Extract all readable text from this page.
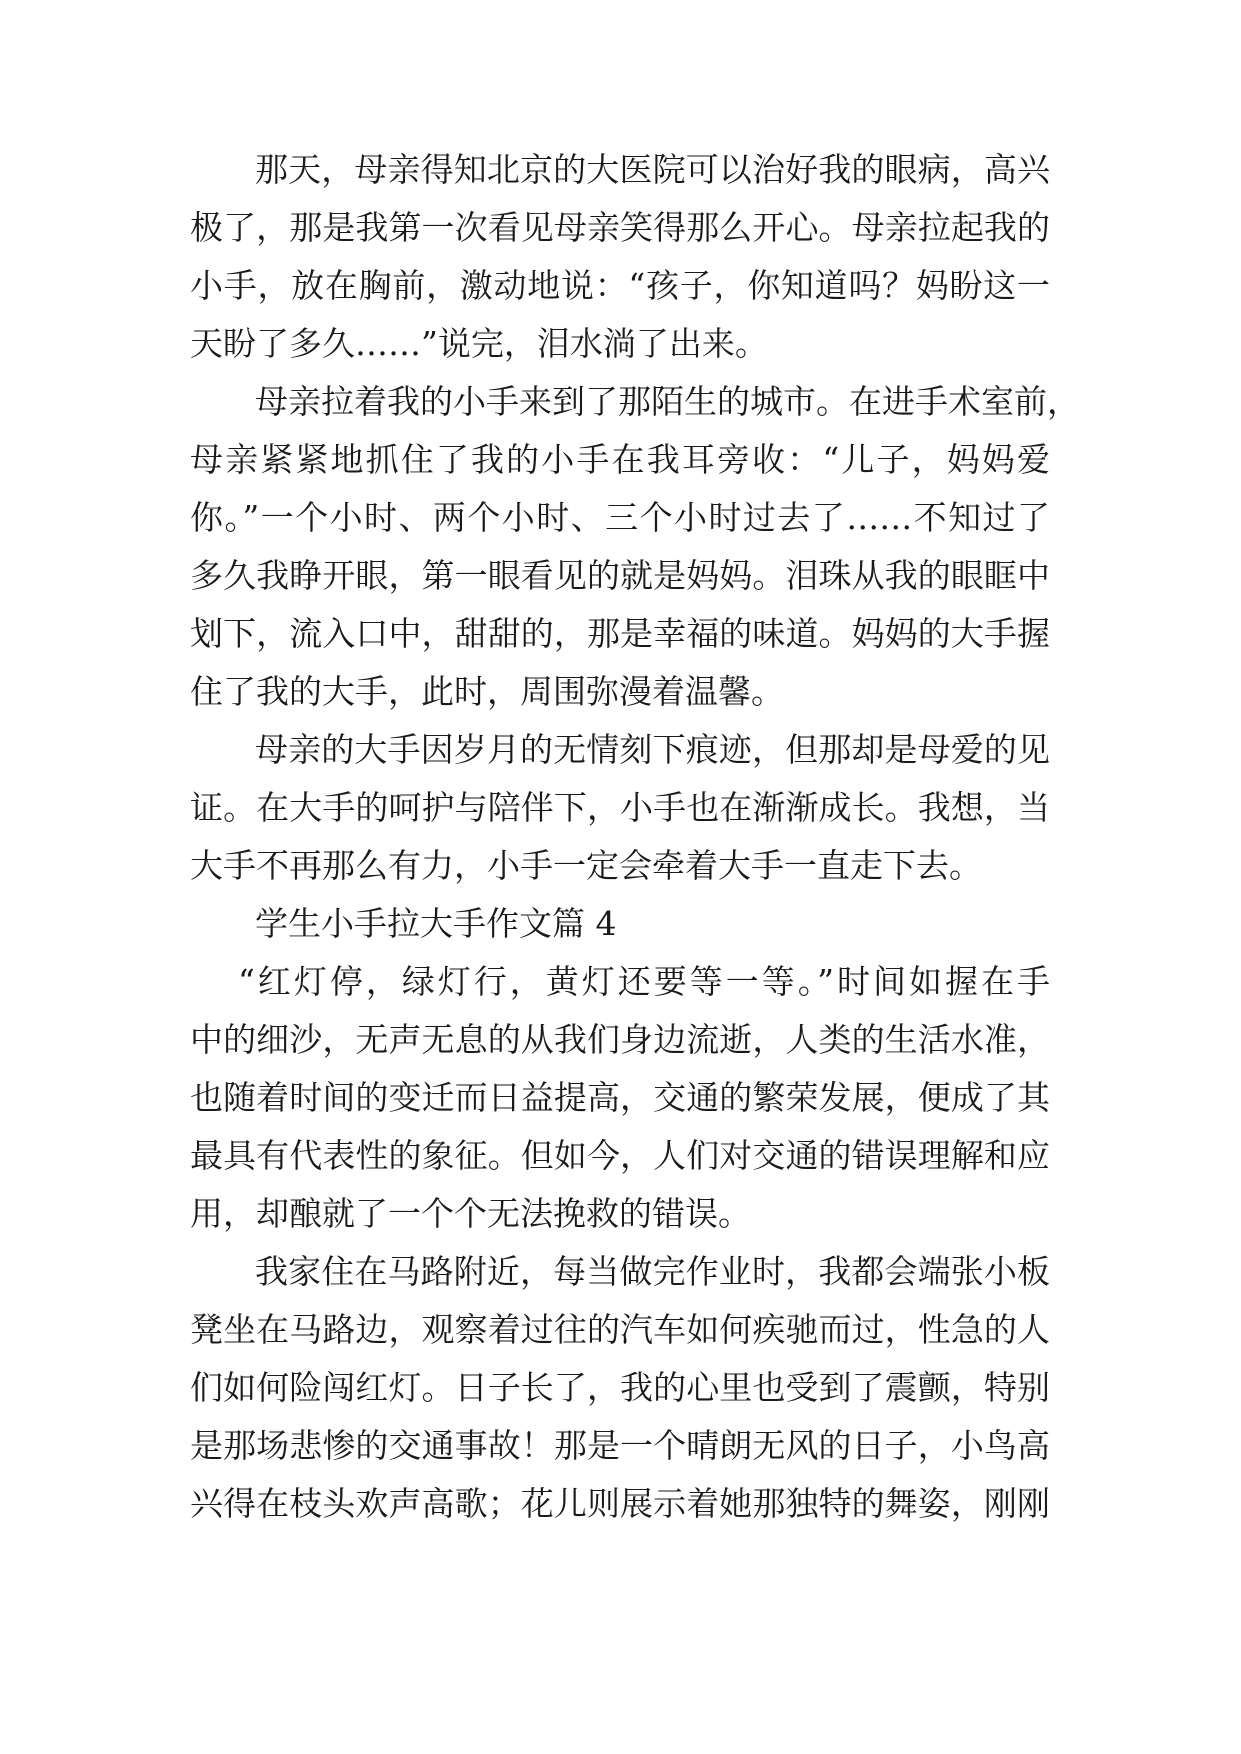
那天，母亲得知北京的大医院可以治好我的眼病，高兴
极了，那是我第一次看见母亲笑得那么开心。母亲拉起我的
小手，放在胸前，激动地说：“孩子，你知道吗？妈盼这一
天盼了多久……”说完，泪水淌了出来。
母亲拉着我的小手来到了那陌生的城市。在进手术室前，
母亲紧紧地抓住了我的小手在我耳旁收：“儿子，妈妈爱
你。”一个小时、两个小时、三个小时过去了……不知过了
多久我睁开眼，第一眼看见的就是妈妈。泪珠从我的眼眶中
划下，流入口中，甜甜的，那是幸福的味道。妈妈的大手握
住了我的大手，此时，周围弥漫着温馨。
母亲的大手因岁月的无情刻下痕迹，但那却是母爱的见
证。在大手的呵护与陪伴下，小手也在渐渐成长。我想，当
大手不再那么有力，小手一定会牵着大手一直走下去。
学生小手拉大手作文篇 4
“红灯停，绿灯行，黄灯还要等一等。”时间如握在手
中的细沙，无声无息的从我们身边流逝，人类的生活水准，
也随着时间的变迁而日益提高，交通的繁荣发展，便成了其
最具有代表性的象征。但如今，人们对交通的错误理解和应
用，却酿就了一个个无法挽救的错误。
我家住在马路附近，每当做完作业时，我都会端张小板
凳坐在马路边，观察着过往的汽车如何疾驰而过，性急的人
们如何险闯红灯。日子长了，我的心里也受到了震颤，特别
是那场悲惨的交通事故！那是一个晴朗无风的日子，小鸟高
兴得在枝头欢声高歌；花儿则展示着她那独特的舞姿，刚刚
